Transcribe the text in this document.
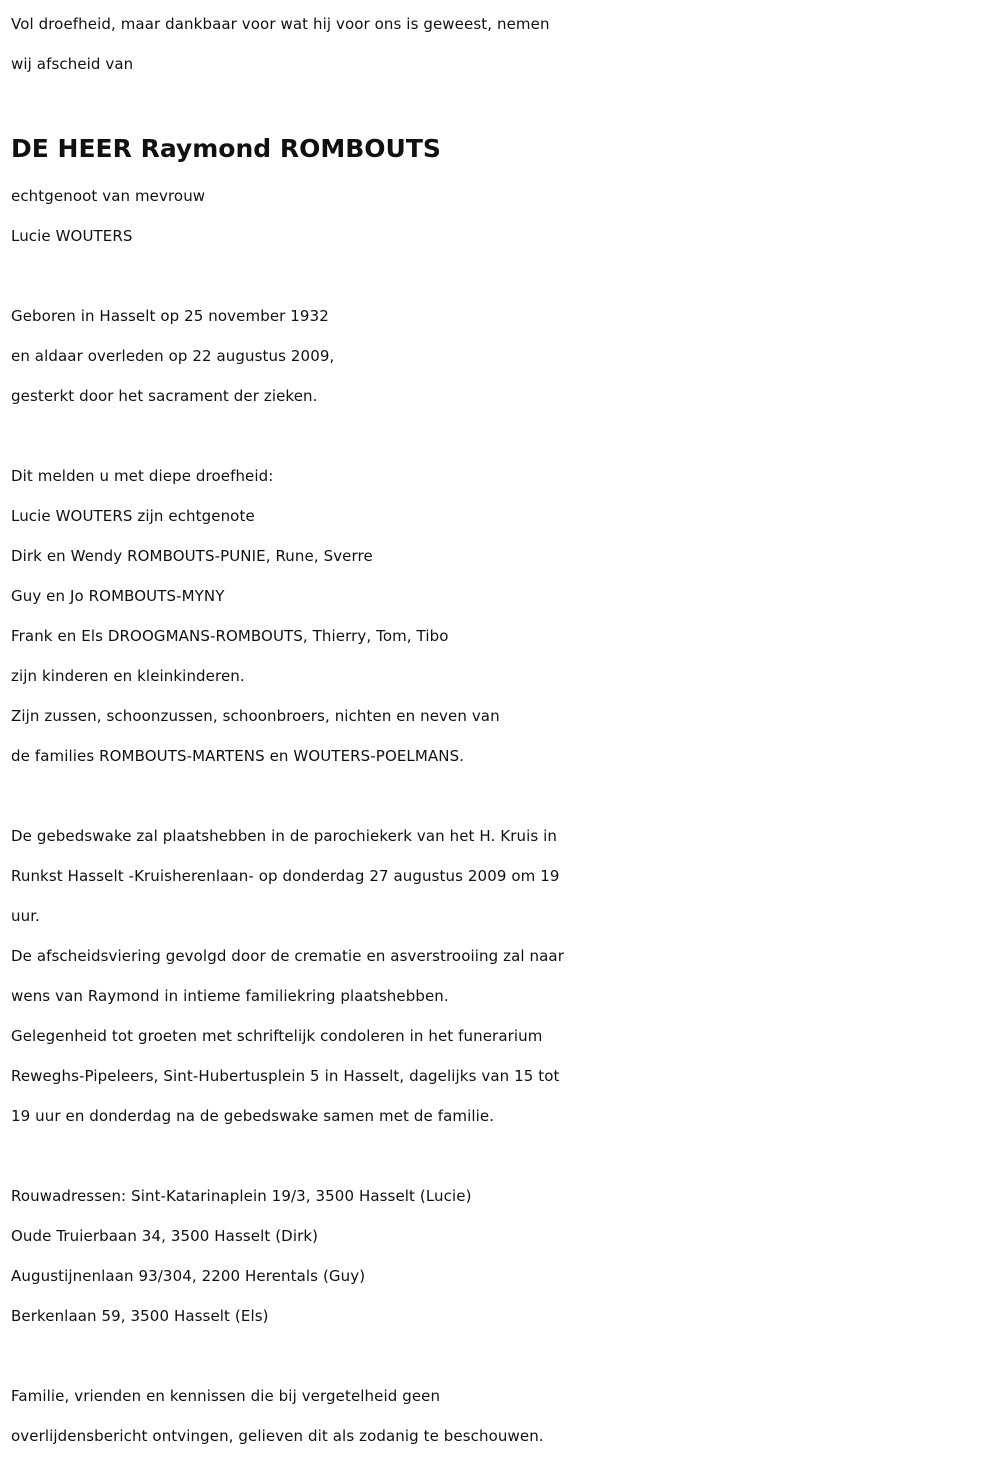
Vol droefheid, maar dankbaar voor wat hij voor ons is geweest, nemen
wij afscheid van
DE HEER Raymond ROMBOUTS
echtgenoot van mevrouw
Lucie WOUTERS
Geboren in Hasselt op 25 november 1932
en aldaar overleden op 22 augustus 2009,
gesterkt door het sacrament der zieken.
Dit melden u met diepe droefheid:
Lucie WOUTERS zijn echtgenote
Dirk en Wendy ROMBOUTS-PUNIE, Rune, Sverre
Guy en Jo ROMBOUTS-MYNY
Frank en Els DROOGMANS-ROMBOUTS, Thierry, Tom, Tibo
zijn kinderen en kleinkinderen.
Zijn zussen, schoonzussen, schoonbroers, nichten en neven van
de families ROMBOUTS-MARTENS en WOUTERS-POELMANS.
De gebedswake zal plaatshebben in de parochiekerk van het H. Kruis in
Runkst Hasselt -Kruisherenlaan- op donderdag 27 augustus 2009 om 19
uur.
De afscheidsviering gevolgd door de crematie en asverstrooiing zal naar
wens van Raymond in intieme familiekring plaatshebben.
Gelegenheid tot groeten met schriftelijk condoleren in het funerarium
Reweghs-Pipeleers, Sint-Hubertusplein 5 in Hasselt, dagelijks van 15 tot
19 uur en donderdag na de gebedswake samen met de familie.
Rouwadressen: Sint-Katarinaplein 19/3, 3500 Hasselt (Lucie)
Oude Truierbaan 34, 3500 Hasselt (Dirk)
Augustijnenlaan 93/304, 2200 Herentals (Guy)
Berkenlaan 59, 3500 Hasselt (Els)
Familie, vrienden en kennissen die bij vergetelheid geen
overlijdensbericht ontvingen, gelieven dit als zodanig te beschouwen.
